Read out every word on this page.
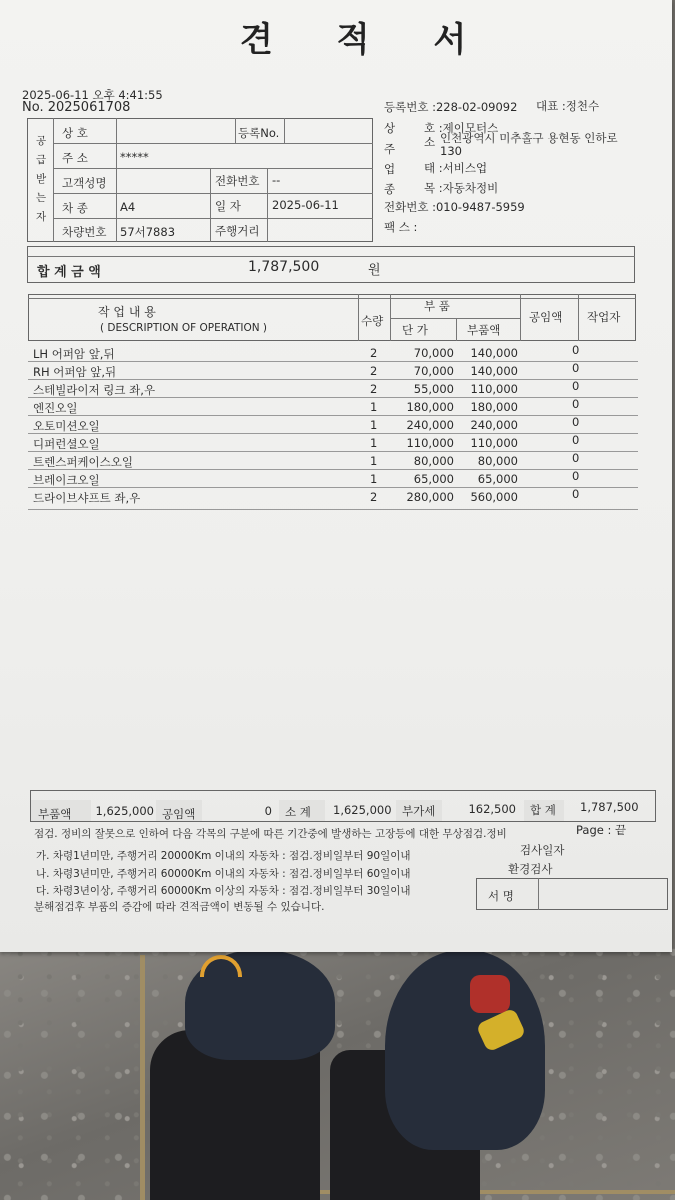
견 적 서
2025-06-11 오후 4:41:55
No. 2025061708
공
급
받
는
자
상 호	등록No.
주 소	*****
고객성명	전화번호 --
차 종	A4	일 자	2025-06-11
차량번호 57서7883	주행거리
등록번호 :228-02-09092 대표 :정천수
상	호 :제이모터스
주	소 인천광역시 미추홀구 용현동 인하로
130
업	태 :서비스업
종	목 :자동차정비
전화번호 :010-9487-5959
팩 스 :
합 계 금 액	1,787,500	원
작 업 내 용
( DESCRIPTION OF OPERATION )	수량
부 품
단 가	부품액
공임액 작업자
LH 어퍼암 앞,뒤	2	70,000	140,000	0
RH 어퍼암 앞,뒤	2	70,000	140,000	0
스테빌라이저 링크 좌,우	2	55,000	110,000	0
엔진오일	1	180,000	180,000	0
오토미션오일	1	240,000	240,000	0
디퍼런셜오일	1	110,000	110,000	0
트렌스퍼케이스오일	1	80,000	80,000	0
브레이크오일	1	65,000	65,000	0
드라이브샤프트 좌,우	2	280,000	560,000	0
부품액	1,625,000 공임액	0 소 계 1,625,000 부가세	162,500 합 계 1,787,500
점검. 정비의 잘못으로 인하여 다음 각목의 구분에 따른 기간중에 발생하는 고장등에 대한 무상점검.정비	Page : 끝
가. 차령1년미만, 주행거리 20000Km 이내의 자동차 : 점검.정비일부터 90일이내
나. 차령3년미만, 주행거리 60000Km 이내의 자동차 : 점검.정비일부터 60일이내
다. 차령3년이상, 주행거리 60000Km 이상의 자동차 : 점검.정비일부터 30일이내
분해점검후 부품의 증감에 따라 견적금액이 변동될 수 있습니다.
검사일자
환경검사
서 명
